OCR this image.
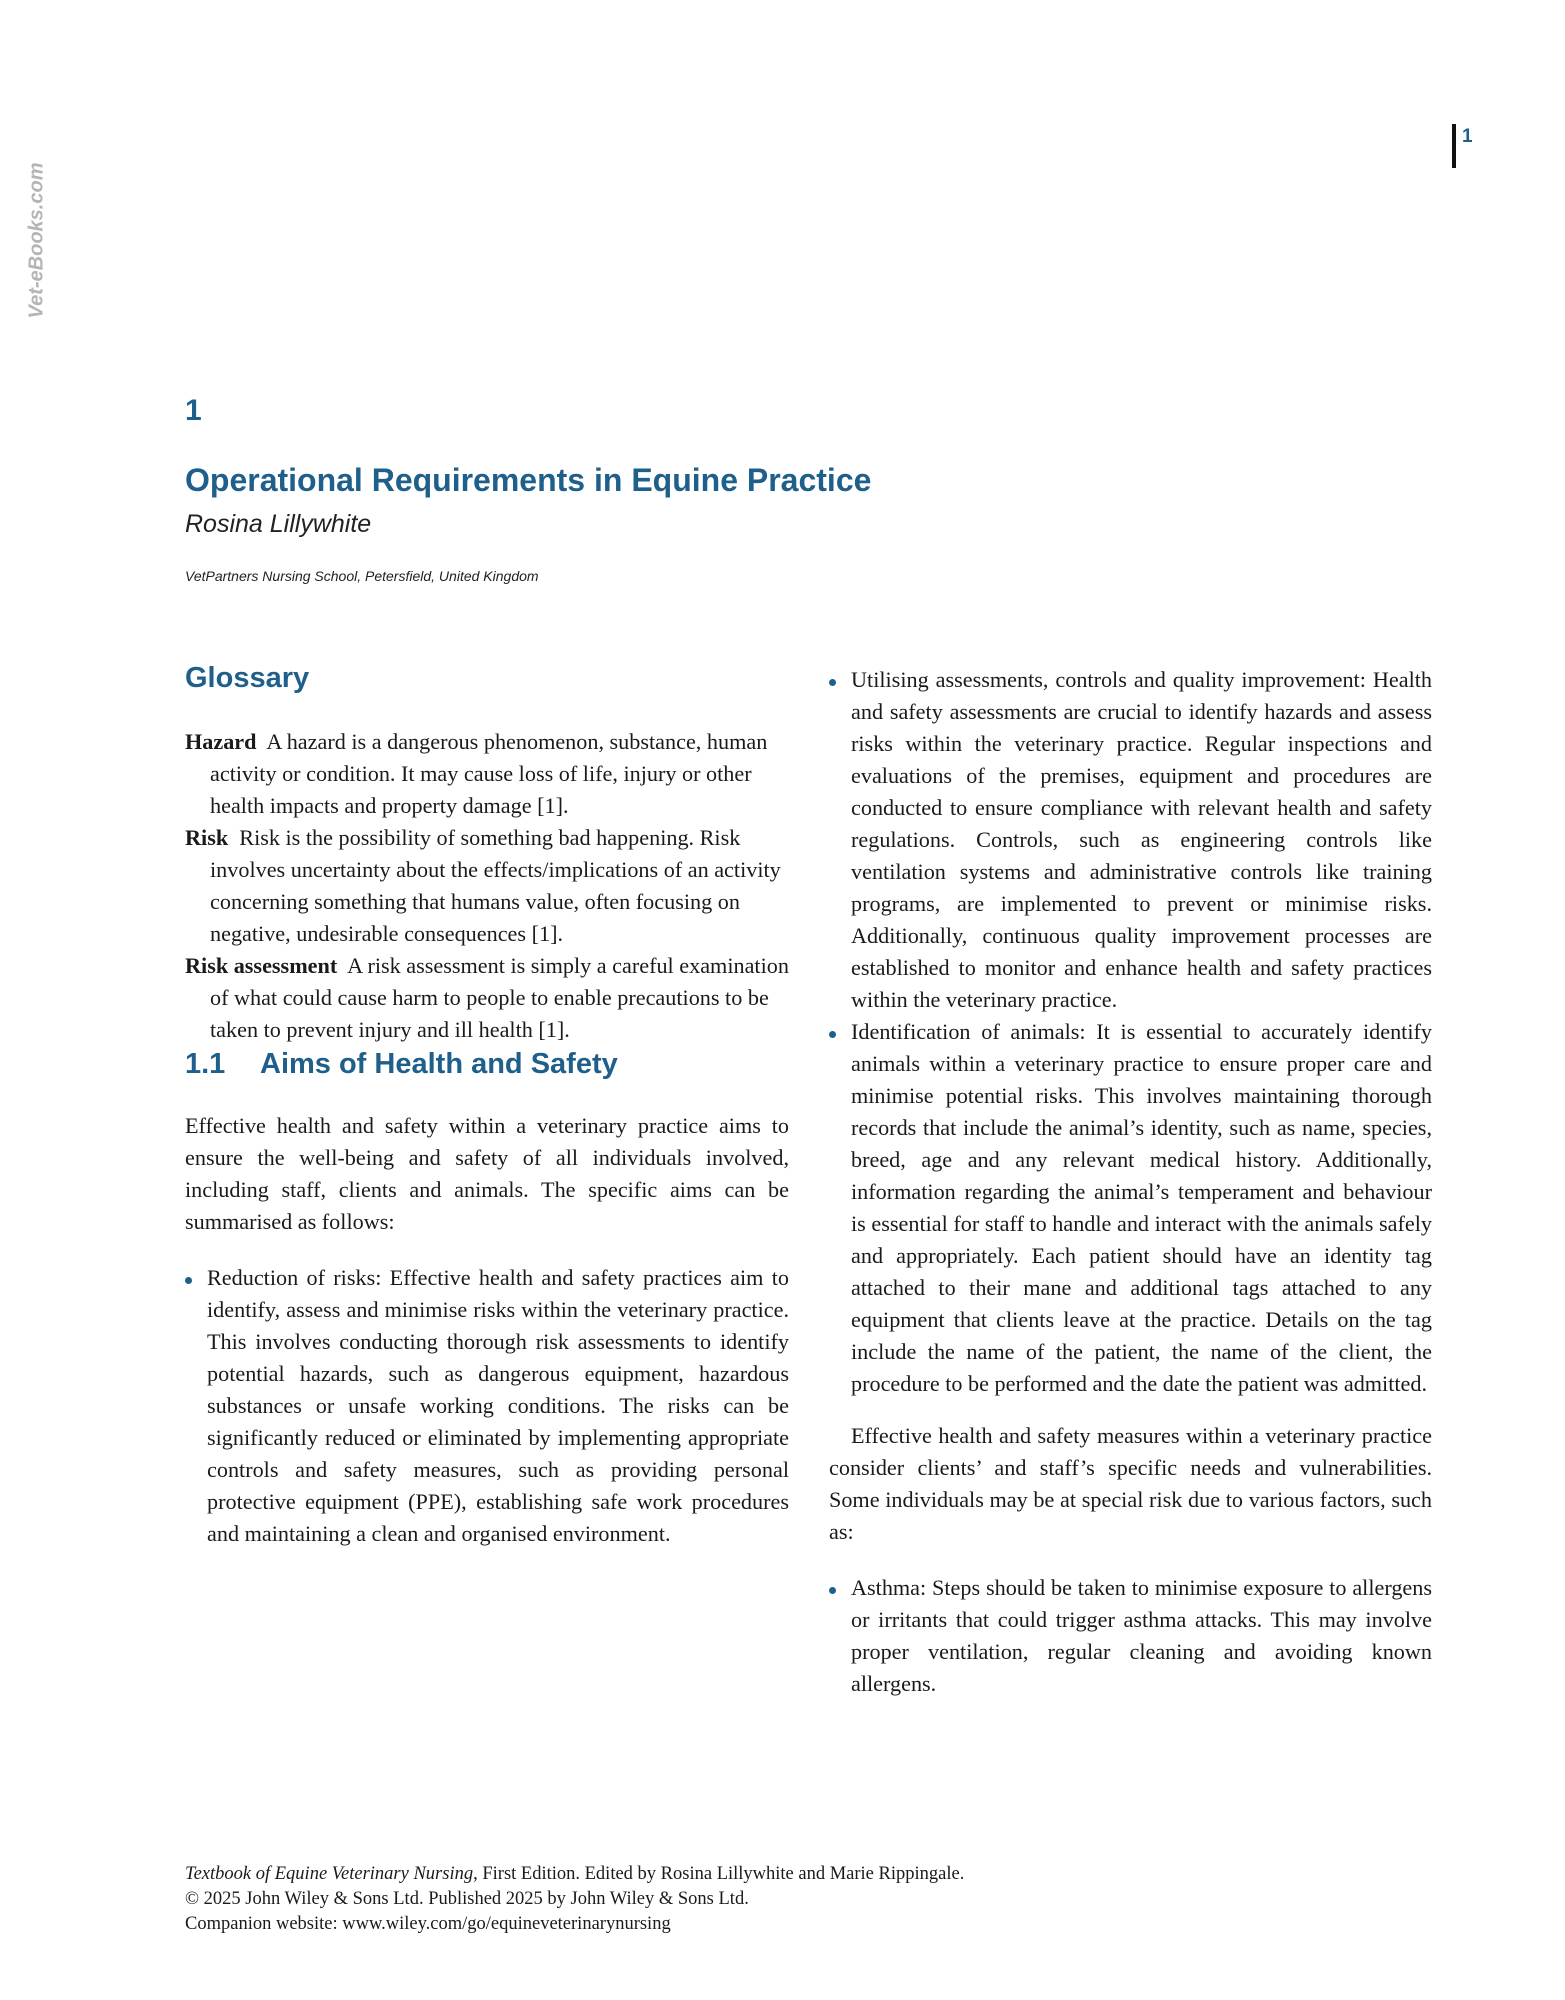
1
Vet-eBooks.com
1
Operational Requirements in Equine Practice
Rosina Lillywhite
VetPartners Nursing School, Petersfield, United Kingdom
Glossary
Hazard A hazard is a dangerous phenomenon, substance, human activity or condition. It may cause loss of life, injury or other health impacts and property damage [1].
Risk Risk is the possibility of something bad happening. Risk involves uncertainty about the effects/implications of an activity concerning something that humans value, often focusing on negative, undesirable consequences [1].
Risk assessment A risk assessment is simply a careful examination of what could cause harm to people to enable precautions to be taken to prevent injury and ill health [1].
1.1	Aims of Health and Safety

Effective health and safety within a veterinary practice aims to ensure the well-being and safety of all individuals involved, including staff, clients and animals. The specific aims can be summarised as follows:

Reduction of risks: Effective health and safety practices aim to identify, assess and minimise risks within the veterinary practice. This involves conducting thorough risk assessments to identify potential hazards, such as dangerous equipment, hazardous substances or unsafe working conditions. The risks can be significantly reduced or eliminated by implementing appropriate controls and safety measures, such as providing personal protective equipment (PPE), establishing safe work procedures and maintaining a clean and organised environment.
Utilising assessments, controls and quality improvement: Health and safety assessments are crucial to identify hazards and assess risks within the veterinary practice. Regular inspections and evaluations of the premises, equipment and procedures are conducted to ensure compliance with relevant health and safety regulations. Controls, such as engineering controls like ventilation systems and administrative controls like training programs, are implemented to prevent or minimise risks. Additionally, continuous quality improvement processes are established to monitor and enhance health and safety practices within the veterinary practice.
Identification of animals: It is essential to accurately identify animals within a veterinary practice to ensure proper care and minimise potential risks. This involves maintaining thorough records that include the animal’s identity, such as name, species, breed, age and any relevant medical history. Additionally, information regarding the animal’s temperament and behaviour is essential for staff to handle and interact with the animals safely and appropriately. Each patient should have an identity tag attached to their mane and additional tags attached to any equipment that clients leave at the practice. Details on the tag include the name of the patient, the name of the client, the procedure to be performed and the date the patient was admitted.

Effective health and safety measures within a veterinary practice consider clients’ and staff’s specific needs and vulnerabilities. Some individuals may be at special risk due to various factors, such as:

Asthma: Steps should be taken to minimise exposure to allergens or irritants that could trigger asthma attacks. This may involve proper ventilation, regular cleaning and avoiding known allergens.
Textbook of Equine Veterinary Nursing, First Edition. Edited by Rosina Lillywhite and Marie Rippingale.
© 2025 John Wiley & Sons Ltd. Published 2025 by John Wiley & Sons Ltd.
Companion website: www.wiley.com/go/equineveterinarynursing
